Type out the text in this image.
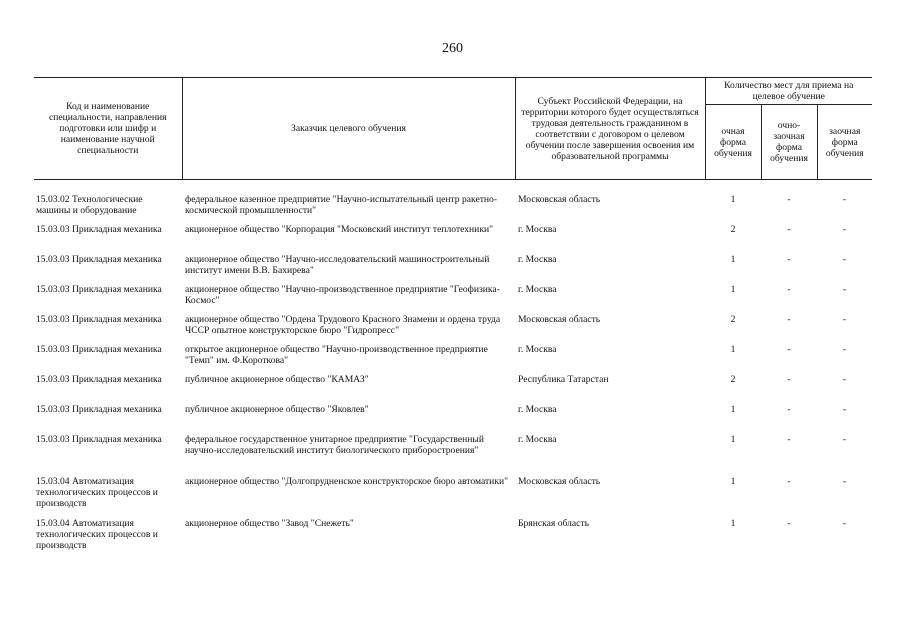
260
Код и наименование специальности, направления подготовки или шифр и наименование научной специальности	Заказчик целевого обучения	Субъект Российской Федерации, на территории которого будет осуществляться трудовая деятельность гражданином в соответствии с договором о целевом обучении после завершения освоения им образовательной программы	Количество мест для приема на целевое обучение		
			очная форма обучения	очно-заочная форма обучения	заочная форма обучения
15.03.02 Технологические машины и оборудование	федеральное казенное предприятие "Научно-испытательный центр ракетно-космической промышленности"	Московская область	1	-	-
15.03.03 Прикладная механика	акционерное общество "Корпорация "Московский институт теплотехники"	г. Москва	2	-	-
15.03.03 Прикладная механика	акционерное общество "Научно-исследовательский машиностроительный институт имени В.В. Бахирева"	г. Москва	1	-	-
15.03.03 Прикладная механика	акционерное общество "Научно-производственное предприятие "Геофизика-Космос"	г. Москва	1	-	-
15.03.03 Прикладная механика	акционерное общество "Ордена Трудового Красного Знамени и ордена труда ЧССР опытное конструкторское бюро "Гидропресс"	Московская область	2	-	-
15.03.03 Прикладная механика	открытое акционерное общество "Научно-производственное предприятие "Темп" им. Ф.Короткова"	г. Москва	1	-	-
15.03.03 Прикладная механика	публичное акционерное общество "КАМАЗ"	Республика Татарстан	2	-	-
15.03.03 Прикладная механика	публичное акционерное общество "Яковлев"	г. Москва	1	-	-
15.03.03 Прикладная механика	федеральное государственное унитарное предприятие "Государственный научно-исследовательский институт биологического приборостроения"	г. Москва	1	-	-
15.03.04 Автоматизация технологических процессов и производств	акционерное общество "Долгопрудненское конструкторское бюро автоматики"	Московская область	1	-	-
15.03.04 Автоматизация технологических процессов и производств	акционерное общество "Завод "Снежеть"	Брянская область	1	-	-
